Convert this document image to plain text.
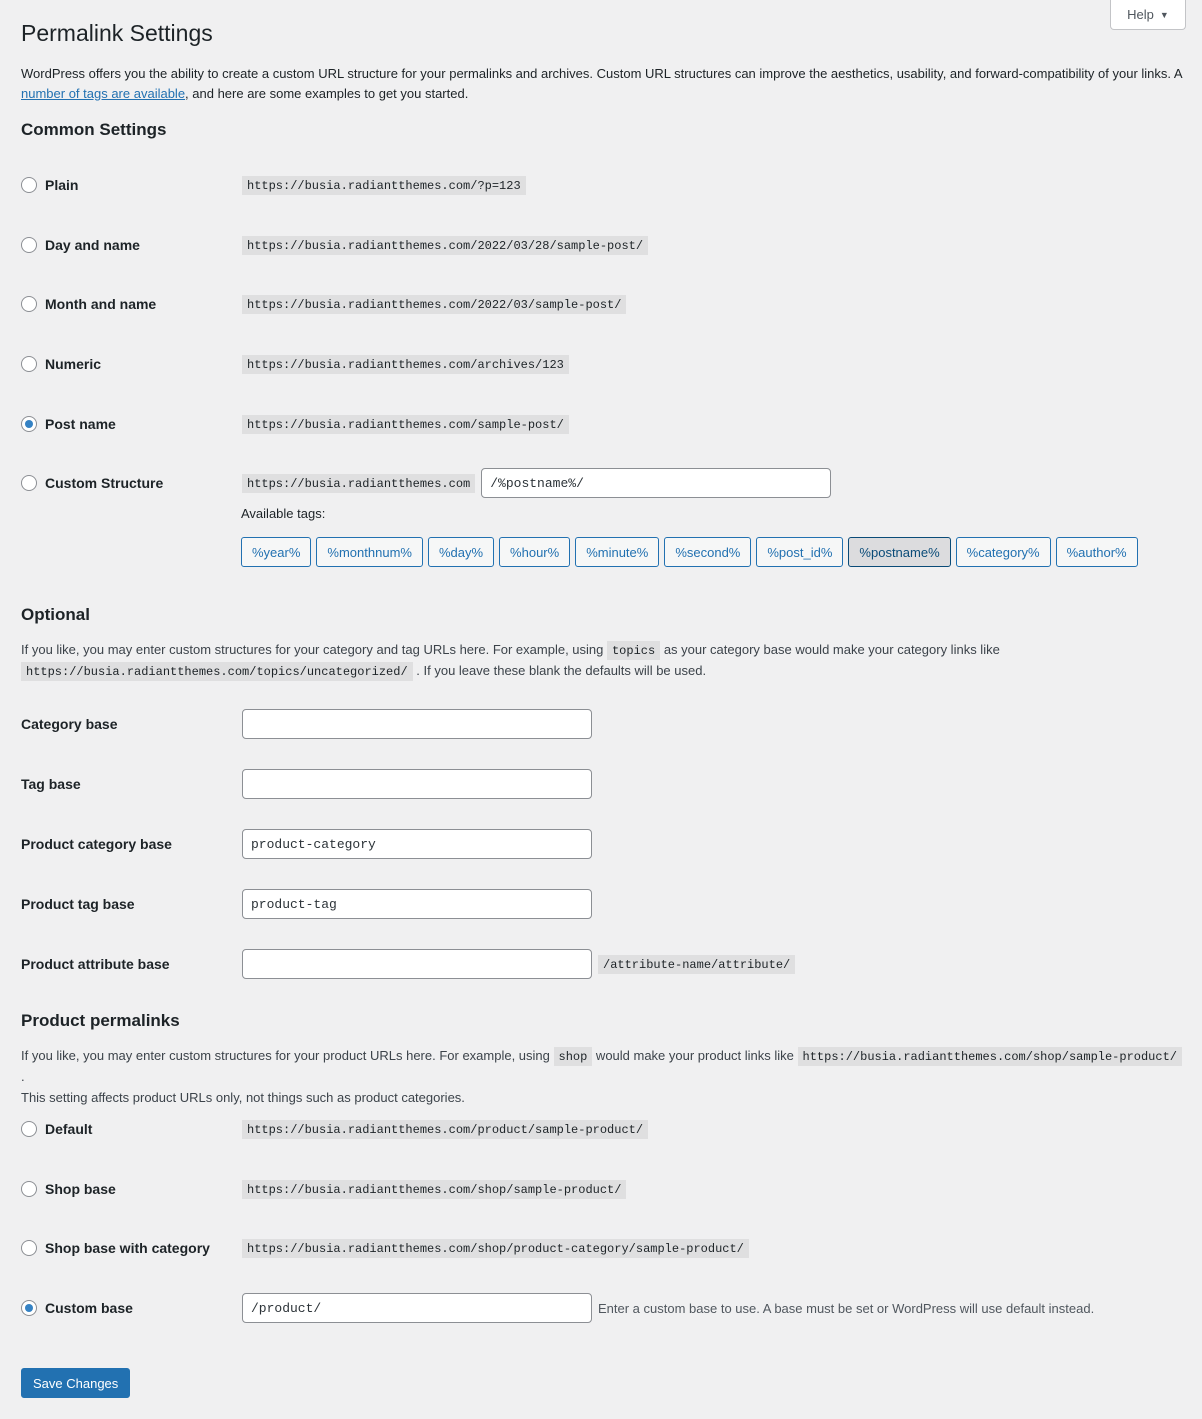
Help ▼
Permalink Settings

WordPress offers you the ability to create a custom URL structure for your permalinks and archives. Custom URL structures can improve the aesthetics, usability, and forward-compatibility of your links. A number of tags are available, and here are some examples to get you started.

Common Settings
Plain	https://busia.radiantthemes.com/?p=123
Day and name	https://busia.radiantthemes.com/2022/03/28/sample-post/
Month and name	https://busia.radiantthemes.com/2022/03/sample-post/
Numeric	https://busia.radiantthemes.com/archives/123
Post name	https://busia.radiantthemes.com/sample-post/
Custom Structure	https://busia.radiantthemes.com	/%postname%/
Available tags:
%year%	%monthnum%	%day%	%hour%	%minute%	%second%	%post_id%	%postname%	%category%	%author%
Optional

If you like, you may enter custom structures for your category and tag URLs here. For example, using topics as your category base would make your category links like
https://busia.radiantthemes.com/topics/uncategorized/ . If you leave these blank the defaults will be used.

Category base
Tag base
Product category base	product-category
Product tag base	product-tag
Product attribute base	/attribute-name/attribute/
Product permalinks

If you like, you may enter custom structures for your product URLs here. For example, using shop would make your product links like https://busia.radiantthemes.com/shop/sample-product/ .
This setting affects product URLs only, not things such as product categories.

Default	https://busia.radiantthemes.com/product/sample-product/
Shop base	https://busia.radiantthemes.com/shop/sample-product/
Shop base with category	https://busia.radiantthemes.com/shop/product-category/sample-product/
Custom base	/product/	Enter a custom base to use. A base must be set or WordPress will use default instead.
Save Changes
